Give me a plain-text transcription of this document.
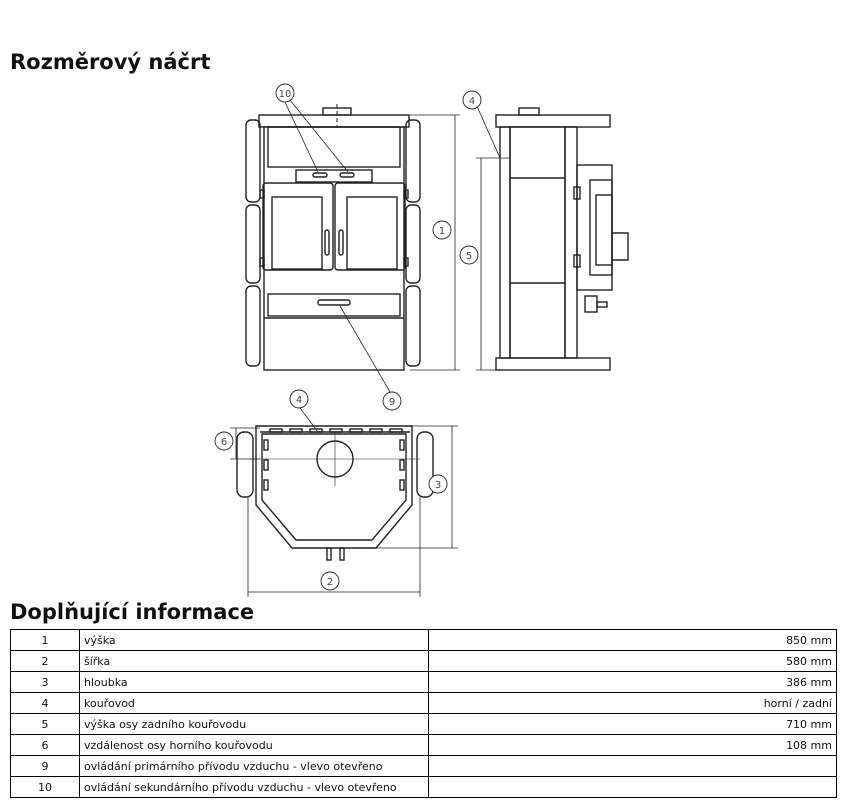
Rozměrový náčrt
10
4
1
5
9
4
6
3
2
Doplňující informace
1	výška	850 mm
2	šířka	580 mm
3	hloubka	386 mm
4	kouřovod	horní / zadní
5	výška osy zadního kouřovodu	710 mm
6	vzdálenost osy horního kouřovodu	108 mm
9	ovládání primárního přívodu vzduchu - vlevo otevřeno	
10	ovládání sekundárního přívodu vzduchu - vlevo otevřeno	
